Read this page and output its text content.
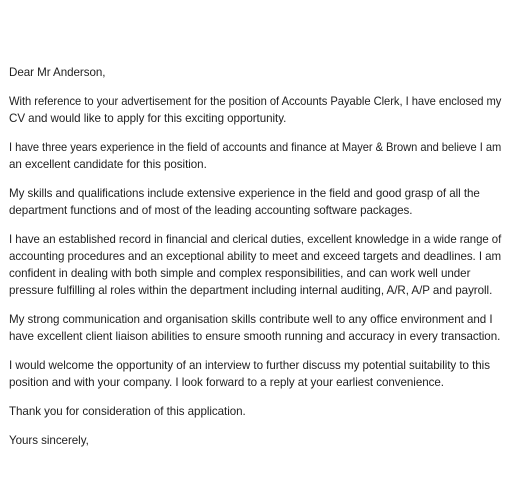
Dear Mr Anderson,

With reference to your advertisement for the position of Accounts Payable Clerk, I have enclosed my
CV and would like to apply for this exciting opportunity.

I have three years experience in the field of accounts and finance at Mayer & Brown and believe I am
an excellent candidate for this position.

My skills and qualifications include extensive experience in the field and good grasp of all the
department functions and of most of the leading accounting software packages.

I have an established record in financial and clerical duties, excellent knowledge in a wide range of
accounting procedures and an exceptional ability to meet and exceed targets and deadlines. I am
confident in dealing with both simple and complex responsibilities, and can work well under
pressure fulfilling al roles within the department including internal auditing, A/R, A/P and payroll.

My strong communication and organisation skills contribute well to any office environment and I
have excellent client liaison abilities to ensure smooth running and accuracy in every transaction.

I would welcome the opportunity of an interview to further discuss my potential suitability to this
position and with your company. I look forward to a reply at your earliest convenience.

Thank you for consideration of this application.

Yours sincerely,
